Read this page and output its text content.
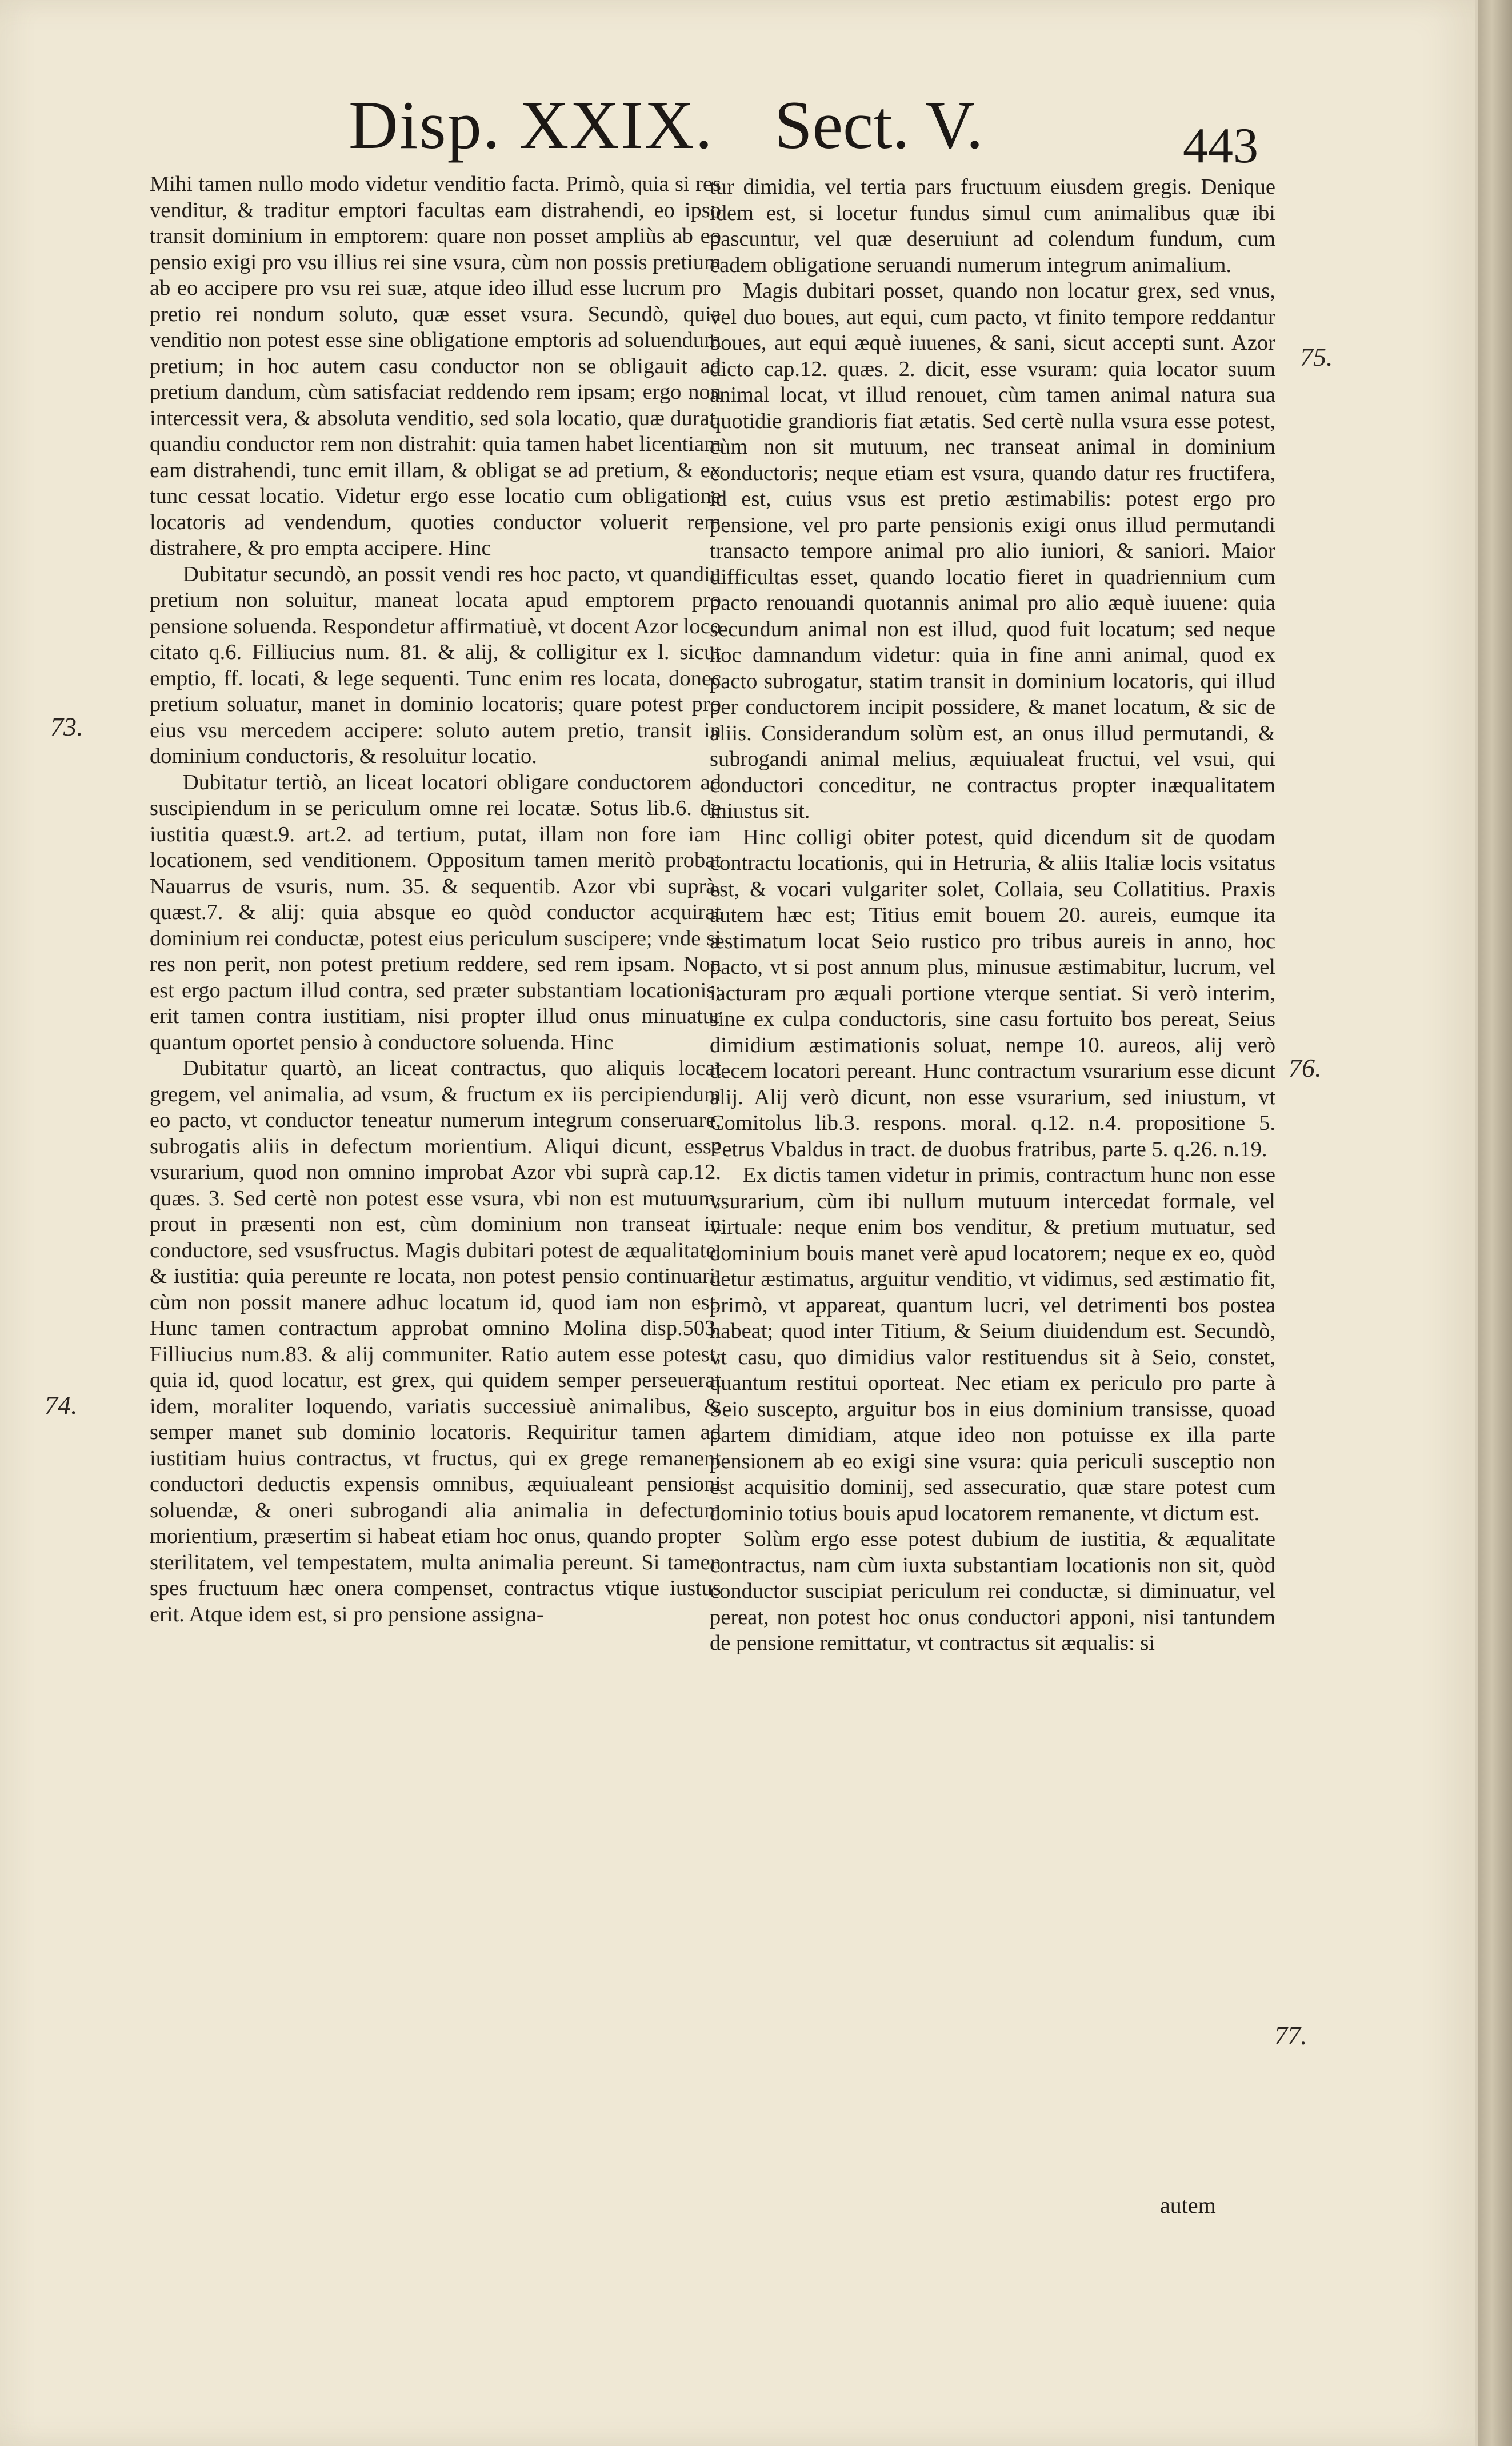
Disp. XXIX. Sect. V.	443

Mihi tamen nullo modo videtur venditio facta. Primò, quia si res venditur, & traditur emptori facultas eam distrahendi, eo ipso transit dominium in emptorem: quare non posset ampliùs ab eo pensio exigi pro vsu illius rei sine vsura, cùm non possis pretium ab eo accipere pro vsu rei suæ, atque ideo illud esse lucrum pro pretio rei nondum soluto, quæ esset vsura. Secundò, quia venditio non potest esse sine obligatione emptoris ad soluendum pretium; in hoc autem casu conductor non se obligauit ad pretium dandum, cùm satisfaciat reddendo rem ipsam; ergo non intercessit vera, & absoluta venditio, sed sola locatio, quæ durat, quandiu conductor rem non distrahit: quia tamen habet licentiam eam distrahendi, tunc emit illam, & obligat se ad pretium, & ex tunc cessat locatio. Videtur ergo esse locatio cum obligatione locatoris ad vendendum, quoties conductor voluerit rem distrahere, & pro empta accipere. Hinc

Dubitatur secundò, an possit vendi res hoc pacto, vt quandiu pretium non soluitur, maneat locata apud emptorem pro pensione soluenda. Respondetur affirmatiuè, vt docent Azor loco citato q.6. Filliucius num. 81. & alij, & colligitur ex l. sicut emptio, ff. locati, & lege sequenti. Tunc enim res locata, donec pretium soluatur, manet in dominio locatoris; quare potest pro eius vsu mercedem accipere: soluto autem pretio, transit in dominium conductoris, & resoluitur locatio.

Dubitatur tertiò, an liceat locatori obligare conductorem ad suscipiendum in se periculum omne rei locatæ. Sotus lib.6. de iustitia quæst.9. art.2. ad tertium, putat, illam non fore iam locationem, sed venditionem. Oppositum tamen meritò probat Nauarrus de vsuris, num. 35. & sequentib. Azor vbi suprà, quæst.7. & alij: quia absque eo quòd conductor acquirat dominium rei conductæ, potest eius periculum suscipere; vnde si res non perit, non potest pretium reddere, sed rem ipsam. Non est ergo pactum illud contra, sed præter substantiam locationis; erit tamen contra iustitiam, nisi propter illud onus minuatur quantum oportet pensio à conductore soluenda. Hinc

Dubitatur quartò, an liceat contractus, quo aliquis locat gregem, vel animalia, ad vsum, & fructum ex iis percipiendum eo pacto, vt conductor teneatur numerum integrum conseruare, subrogatis aliis in defectum morientium. Aliqui dicunt, esse vsurarium, quod non omnino improbat Azor vbi suprà cap.12. quæs. 3. Sed certè non potest esse vsura, vbi non est mutuum, prout in præsenti non est, cùm dominium non transeat in conductore, sed vsusfructus. Magis dubitari potest de æqualitate, & iustitia: quia pereunte re locata, non potest pensio continuari, cùm non possit manere adhuc locatum id, quod iam non est. Hunc tamen contractum approbat omnino Molina disp.503. Filliucius num.83. & alij communiter. Ratio autem esse potest, quia id, quod locatur, est grex, qui quidem semper perseuerat idem, moraliter loquendo, variatis successiuè animalibus, & semper manet sub dominio locatoris. Requiritur tamen ad iustitiam huius contractus, vt fructus, qui ex grege remanent conductori deductis expensis omnibus, æquiualeant pensioni soluendæ, & oneri subrogandi alia animalia in defectum morientium, præsertim si habeat etiam hoc onus, quando propter sterilitatem, vel tempestatem, multa animalia pereunt. Si tamen spes fructuum hæc onera compenset, contractus vtique iustus erit. Atque idem est, si pro pensione assigna-

tur dimidia, vel tertia pars fructuum eiusdem gregis. Denique idem est, si locetur fundus simul cum animalibus quæ ibi pascuntur, vel quæ deseruiunt ad colendum fundum, cum eadem obligatione seruandi numerum integrum animalium.

Magis dubitari posset, quando non locatur grex, sed vnus, vel duo boues, aut equi, cum pacto, vt finito tempore reddantur boues, aut equi æquè iuuenes, & sani, sicut accepti sunt. Azor dicto cap.12. quæs. 2. dicit, esse vsuram: quia locator suum animal locat, vt illud renouet, cùm tamen animal natura sua quotidie grandioris fiat ætatis. Sed certè nulla vsura esse potest, cùm non sit mutuum, nec transeat animal in dominium conductoris; neque etiam est vsura, quando datur res fructifera, id est, cuius vsus est pretio æstimabilis: potest ergo pro pensione, vel pro parte pensionis exigi onus illud permutandi transacto tempore animal pro alio iuniori, & saniori. Maior difficultas esset, quando locatio fieret in quadriennium cum pacto renouandi quotannis animal pro alio æquè iuuene: quia secundum animal non est illud, quod fuit locatum; sed neque hoc damnandum videtur: quia in fine anni animal, quod ex pacto subrogatur, statim transit in dominium locatoris, qui illud per conductorem incipit possidere, & manet locatum, & sic de aliis. Considerandum solùm est, an onus illud permutandi, & subrogandi animal melius, æquiualeat fructui, vel vsui, qui conductori conceditur, ne contractus propter inæqualitatem iniustus sit.

Hinc colligi obiter potest, quid dicendum sit de quodam contractu locationis, qui in Hetruria, & aliis Italiæ locis vsitatus est, & vocari vulgariter solet, Collaia, seu Collatitius. Praxis autem hæc est; Titius emit bouem 20. aureis, eumque ita æstimatum locat Seio rustico pro tribus aureis in anno, hoc pacto, vt si post annum plus, minusue æstimabitur, lucrum, vel iacturam pro æquali portione vterque sentiat. Si verò interim, sine ex culpa conductoris, sine casu fortuito bos pereat, Seius dimidium æstimationis soluat, nempe 10. aureos, alij verò decem locatori pereant. Hunc contractum vsurarium esse dicunt alij. Alij verò dicunt, non esse vsurarium, sed iniustum, vt Comitolus lib.3. respons. moral. q.12. n.4. propositione 5. Petrus Vbaldus in tract. de duobus fratribus, parte 5. q.26. n.19.

Ex dictis tamen videtur in primis, contractum hunc non esse vsurarium, cùm ibi nullum mutuum intercedat formale, vel virtuale: neque enim bos venditur, & pretium mutuatur, sed dominium bouis manet verè apud locatorem; neque ex eo, quòd detur æstimatus, arguitur venditio, vt vidimus, sed æstimatio fit, primò, vt appareat, quantum lucri, vel detrimenti bos postea habeat; quod inter Titium, & Seium diuidendum est. Secundò, vt casu, quo dimidius valor restituendus sit à Seio, constet, quantum restitui oporteat. Nec etiam ex periculo pro parte à Seio suscepto, arguitur bos in eius dominium transisse, quoad partem dimidiam, atque ideo non potuisse ex illa parte pensionem ab eo exigi sine vsura: quia periculi susceptio non est acquisitio dominij, sed assecuratio, quæ stare potest cum dominio totius bouis apud locatorem remanente, vt dictum est.

Solùm ergo esse potest dubium de iustitia, & æqualitate contractus, nam cùm iuxta substantiam locationis non sit, quòd conductor suscipiat periculum rei conductæ, si diminuatur, vel pereat, non potest hoc onus conductori apponi, nisi tantundem de pensione remittatur, vt contractus sit æqualis: si

autem
73.
74.
75.
76.
77.
